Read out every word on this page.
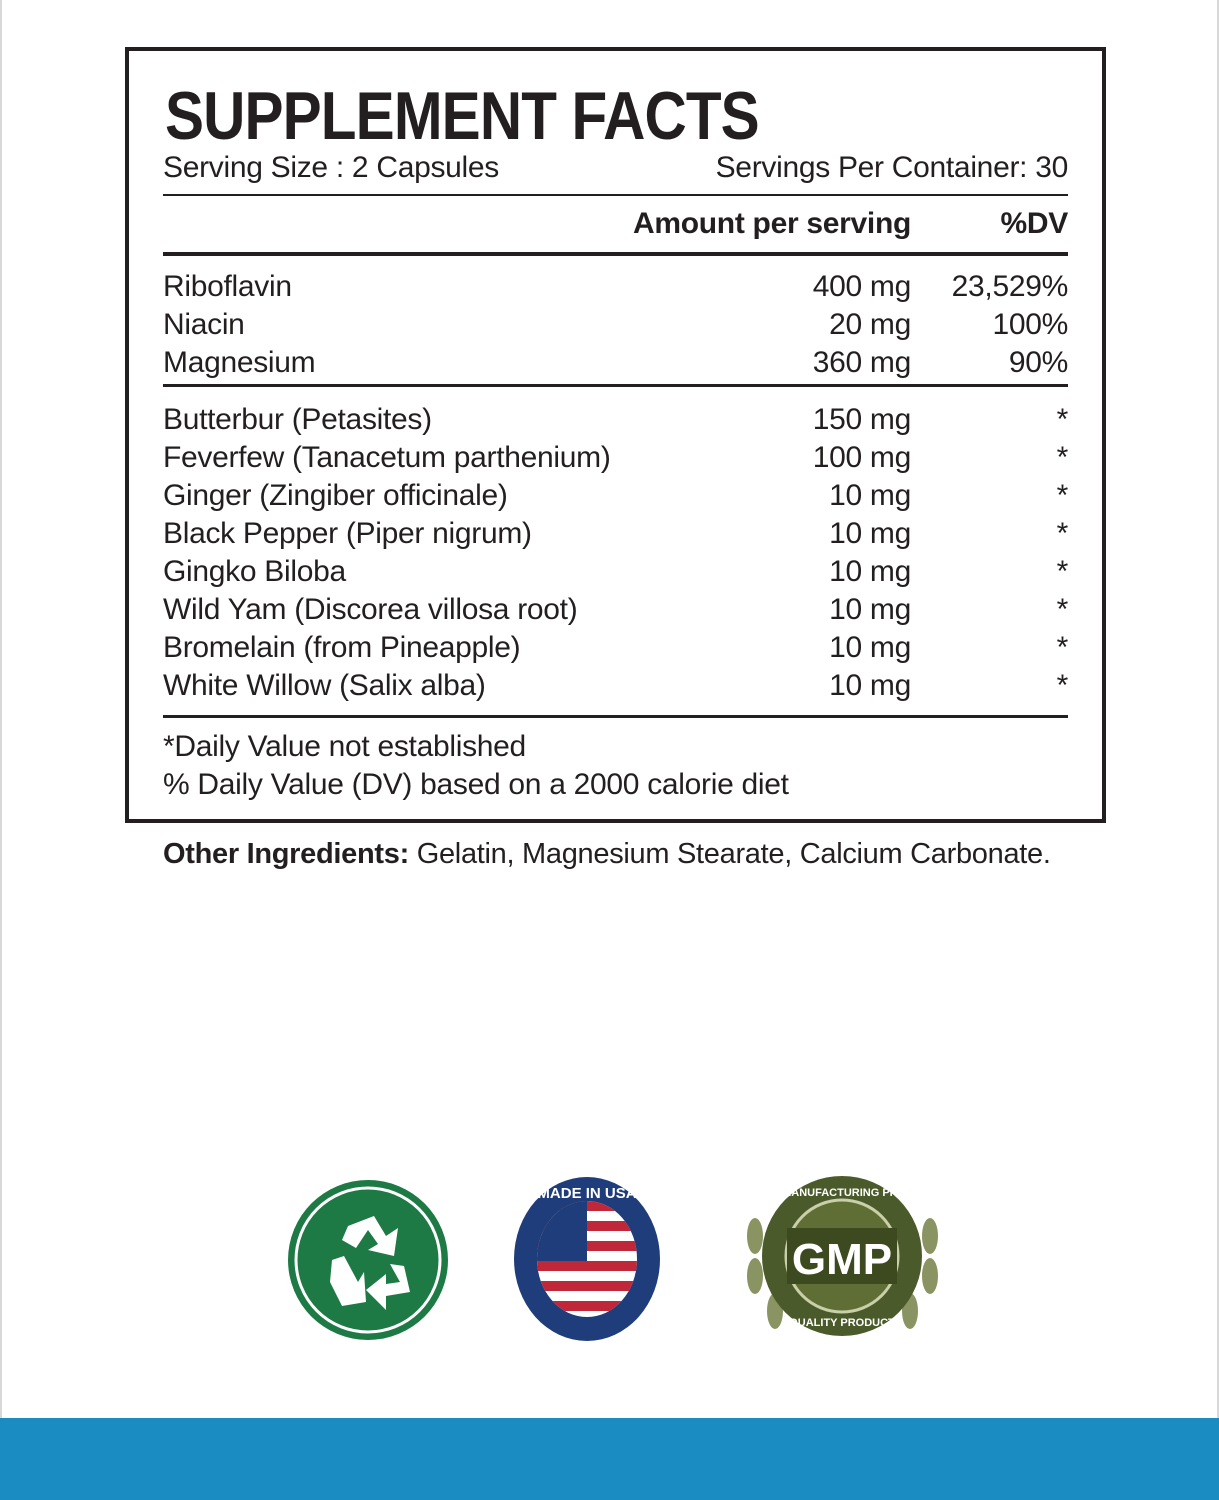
SUPPLEMENT FACTS
Serving Size : 2 Capsules	Servings Per Container: 30
Amount per serving	%DV
Riboflavin	400 mg	23,529%
Niacin	20 mg	100%
Magnesium	360 mg	90%
Butterbur (Petasites)	150 mg	*
Feverfew (Tanacetum parthenium)	100 mg	*
Ginger (Zingiber officinale)	10 mg	*
Black Pepper (Piper nigrum)	10 mg	*
Gingko Biloba	10 mg	*
Wild Yam (Discorea villosa root)	10 mg	*
Bromelain (from Pineapple)	10 mg	*
White Willow (Salix alba)	10 mg	*
*Daily Value not established
% Daily Value (DV) based on a 2000 calorie diet
Other Ingredients: Gelatin, Magnesium Stearate, Calcium Carbonate.
MADE IN USA
GMP
GOOD MANUFACTURING PRACTICE
QUALITY PRODUCT
